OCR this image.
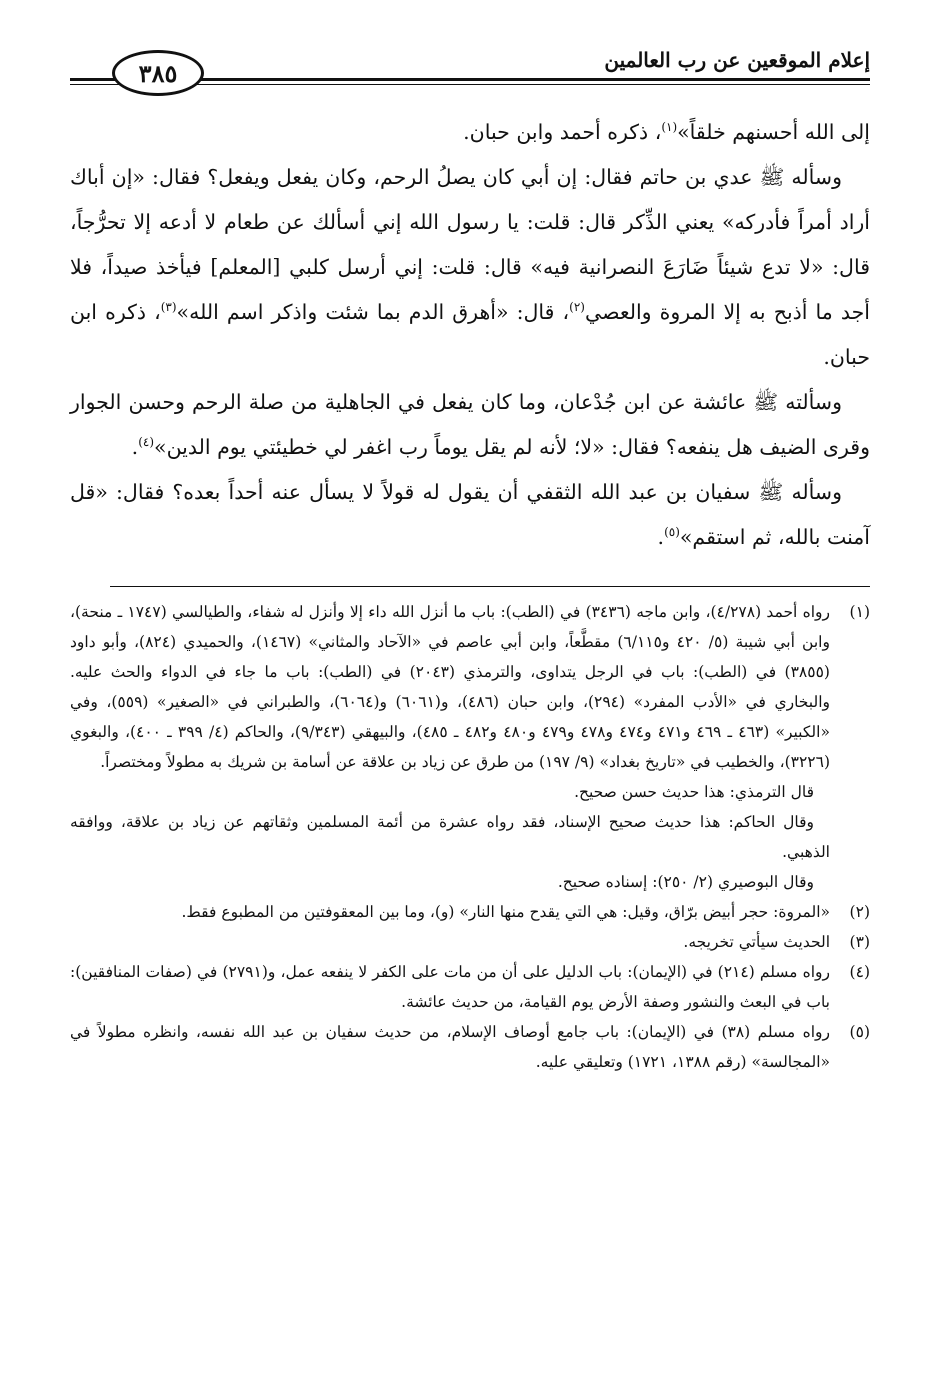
إعلام الموقعين عن رب العالمين
٣٨٥

إلى الله أحسنهم خلقاً»$^{(١)}$، ذكره أحمد وابن حبان.

وسأله ﷺ عدي بن حاتم فقال: إن أبي كان يصلُ الرحم، وكان يفعل ويفعل؟ فقال: «إن أباك أراد أمراً فأدركه» يعني الذِّكر قال: قلت: يا رسول الله إني أسألك عن طعام لا أدعه إلا تحرُّجاً، قال: «لا تدع شيئاً ضَارَعَ النصرانية فيه» قال: قلت: إني أرسل كلبي [المعلم] فيأخذ صيداً، فلا أجد ما أذبح به إلا المروة والعصي$^{(٢)}$، قال: «أهرق الدم بما شئت واذكر اسم الله»$^{(٣)}$، ذكره ابن حبان.

وسألته ﷺ عائشة عن ابن جُدْعان، وما كان يفعل في الجاهلية من صلة الرحم وحسن الجوار وقرى الضيف هل ينفعه؟ فقال: «لا؛ لأنه لم يقل يوماً رب اغفر لي خطيئتي يوم الدين»$^{(٤)}$.

وسأله ﷺ سفيان بن عبد الله الثقفي أن يقول له قولاً لا يسأل عنه أحداً بعده؟ فقال: «قل آمنت بالله، ثم استقم»$^{(٥)}$.

(١)

رواه أحمد (٤/٢٧٨)، وابن ماجه (٣٤٣٦) في (الطب): باب ما أنزل الله داء إلا وأنزل له شفاء، والطيالسي (١٧٤٧ ـ منحة)، وابن أبي شيبة (٥/ ٤٢٠ و٦/١١٥) مقطَّعاً، وابن أبي عاصم في «الآحاد والمثاني» (١٤٦٧)، والحميدي (٨٢٤)، وأبو داود (٣٨٥٥) في (الطب): باب في الرجل يتداوى، والترمذي (٢٠٤٣) في (الطب): باب ما جاء في الدواء والحث عليه. والبخاري في «الأدب المفرد» (٢٩٤)، وابن حبان (٤٨٦)، و(٦٠٦١) و(٦٠٦٤)، والطبراني في «الصغير» (٥٥٩)، وفي «الكبير» (٤٦٣ ـ ٤٦٩ و٤٧١ و٤٧٤ و٤٧٨ و٤٧٩ و٤٨٠ و٤٨٢ ـ ٤٨٥)، والبيهقي (٩/٣٤٣)، والحاكم (٤/ ٣٩٩ ـ ٤٠٠)، والبغوي (٣٢٢٦)، والخطيب في «تاريخ بغداد» (٩/ ١٩٧) من طرق عن زياد بن علاقة عن أسامة بن شريك به مطولاً ومختصراً.

قال الترمذي: هذا حديث حسن صحيح.

وقال الحاكم: هذا حديث صحيح الإسناد، فقد رواه عشرة من أئمة المسلمين وثقاتهم عن زياد بن علاقة، ووافقه الذهبي.

وقال البوصيري (٢/ ٢٥٠): إسناده صحيح.

(٢)

«المروة: حجر أبيض برّاق، وقيل: هي التي يقدح منها النار» (و)، وما بين المعقوفتين من المطبوع فقط.

(٣)

الحديث سيأتي تخريجه.

(٤)

رواه مسلم (٢١٤) في (الإيمان): باب الدليل على أن من مات على الكفر لا ينفعه عمل، و(٢٧٩١) في (صفات المنافقين): باب في البعث والنشور وصفة الأرض يوم القيامة، من حديث عائشة.

(٥)

رواه مسلم (٣٨) في (الإيمان): باب جامع أوصاف الإسلام، من حديث سفيان بن عبد الله نفسه، وانظره مطولاً في «المجالسة» (رقم ١٣٨٨، ١٧٢١) وتعليقي عليه.
